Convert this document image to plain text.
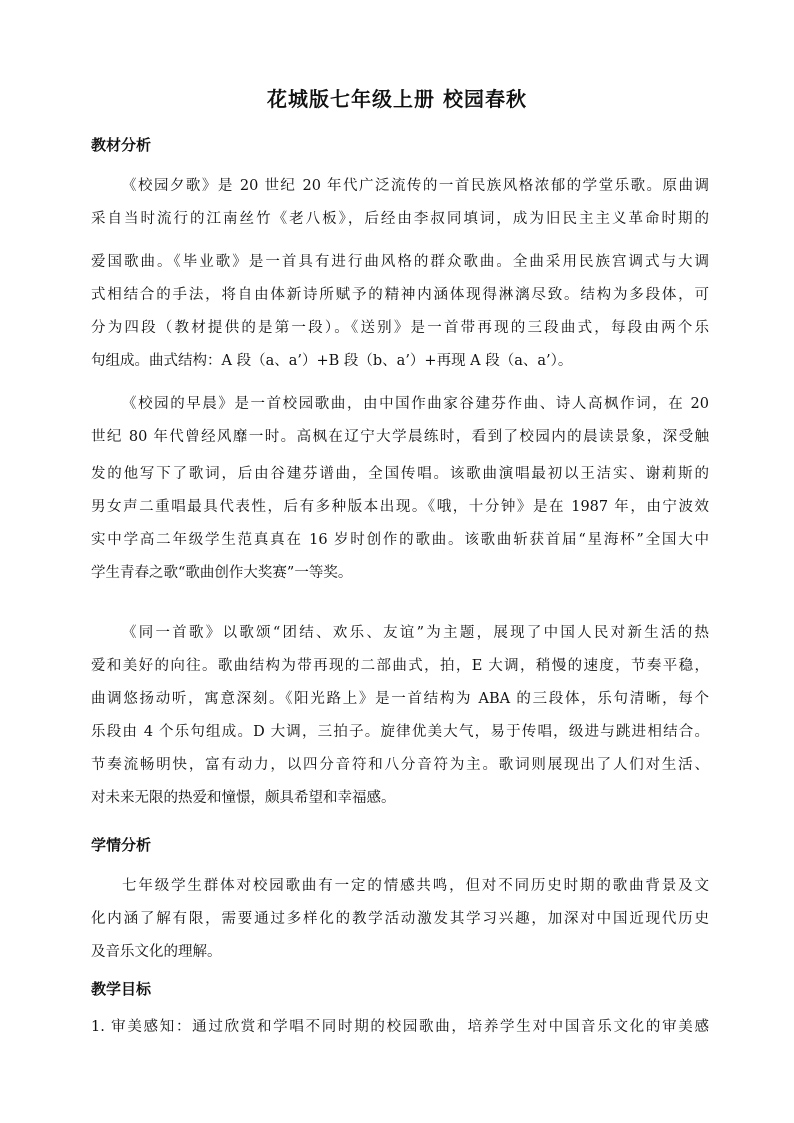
花城版七年级上册 校园春秋
教材分析
《校园夕歌》是 20 世纪 20 年代广泛流传的一首民族风格浓郁的学堂乐歌。原曲调
采自当时流行的江南丝竹《老八板》，后经由李叔同填词，成为旧民主主义革命时期的
爱国歌曲。《毕业歌》是一首具有进行曲风格的群众歌曲。全曲采用民族宫调式与大调
式相结合的手法，将自由体新诗所赋予的精神内涵体现得淋漓尽致。结构为多段体，可
分为四段（教材提供的是第一段）。《送别》是一首带再现的三段曲式，每段由两个乐
句组成。曲式结构：A 段（a、a’）+B 段（b、a’）+再现 A 段（a、a’）。
《校园的早晨》是一首校园歌曲，由中国作曲家谷建芬作曲、诗人高枫作词，在 20
世纪 80 年代曾经风靡一时。高枫在辽宁大学晨练时，看到了校园内的晨读景象，深受触
发的他写下了歌词，后由谷建芬谱曲，全国传唱。该歌曲演唱最初以王洁实、谢莉斯的
男女声二重唱最具代表性，后有多种版本出现。《哦，十分钟》是在 1987 年，由宁波效
实中学高二年级学生范真真在 16 岁时创作的歌曲。该歌曲斩获首届“星海杯”全国大中
学生青春之歌“歌曲创作大奖赛”一等奖。
《同一首歌》以歌颂“团结、欢乐、友谊”为主题，展现了中国人民对新生活的热
爱和美好的向往。歌曲结构为带再现的二部曲式，拍，E 大调，稍慢的速度，节奏平稳，
曲调悠扬动听，寓意深刻。《阳光路上》是一首结构为 ABA 的三段体，乐句清晰，每个
乐段由 4 个乐句组成。D 大调，三拍子。旋律优美大气，易于传唱，级进与跳进相结合。
节奏流畅明快，富有动力，以四分音符和八分音符为主。歌词则展现出了人们对生活、
对未来无限的热爱和憧憬，颇具希望和幸福感。
学情分析
七年级学生群体对校园歌曲有一定的情感共鸣，但对不同历史时期的歌曲背景及文
化内涵了解有限，需要通过多样化的教学活动激发其学习兴趣，加深对中国近现代历史
及音乐文化的理解。
教学目标
1. 审美感知：通过欣赏和学唱不同时期的校园歌曲，培养学生对中国音乐文化的审美感
